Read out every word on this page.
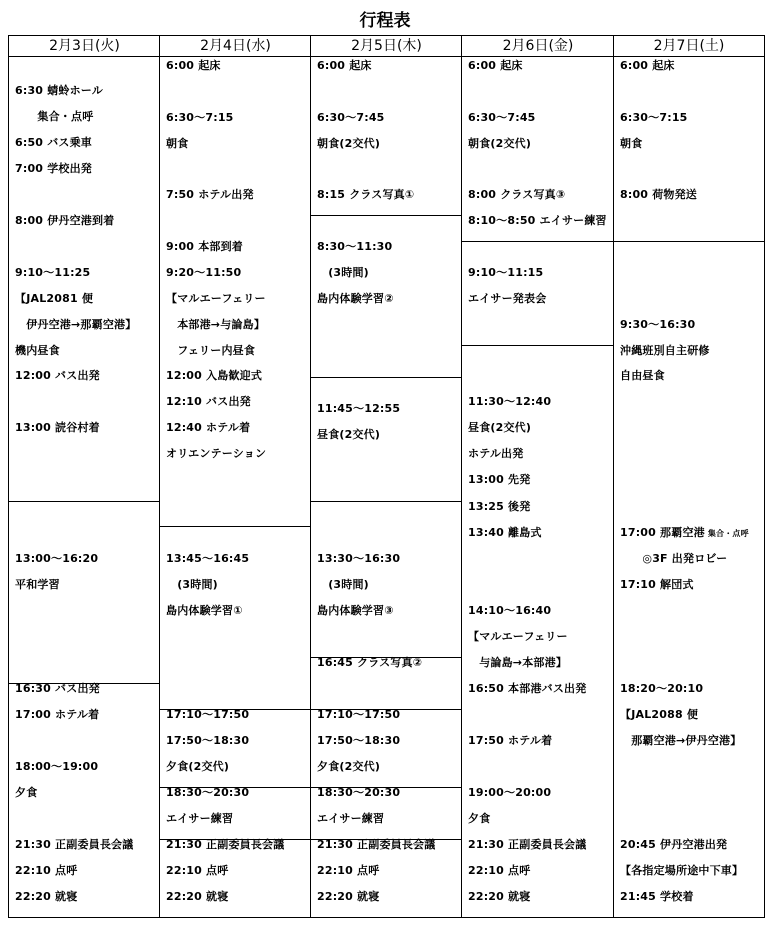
行程表
2月3日(火)
6:30 蜻蛉ホール
　　集合・点呼
6:50 バス乗車
7:00 学校出発
8:00 伊丹空港到着
9:10～11:25
【JAL2081 便
　伊丹空港→那覇空港】
機内昼食
12:00 バス出発
13:00 読谷村着
13:00～16:20
平和学習
16:30 バス出発
17:00 ホテル着
18:00～19:00
夕食
21:30 正副委員長会議
22:10 点呼
22:20 就寝
2月4日(水)
6:00 起床
6:30～7:15
朝食
7:50 ホテル出発
9:00 本部到着
9:20～11:50
【マルエーフェリー
　本部港→与論島】
　フェリー内昼食
12:00 入島歓迎式
12:10 バス出発
12:40 ホテル着
オリエンテーション
13:45～16:45
　(3時間)
島内体験学習①
17:10～17:50
17:50～18:30
夕食(2交代)
18:30～20:30
エイサー練習
21:30 正副委員長会議
22:10 点呼
22:20 就寝
2月5日(木)
6:00 起床
6:30～7:45
朝食(2交代)
8:15 クラス写真①
8:30～11:30
　(3時間)
島内体験学習②
11:45～12:55
昼食(2交代)
13:30～16:30
　(3時間)
島内体験学習③
16:45 クラス写真②
17:10～17:50
17:50～18:30
夕食(2交代)
18:30～20:30
エイサー練習
21:30 正副委員長会議
22:10 点呼
22:20 就寝
2月6日(金)
6:00 起床
6:30～7:45
朝食(2交代)
8:00 クラス写真③
8:10～8:50 エイサー練習
9:10～11:15
エイサー発表会
11:30～12:40
昼食(2交代)
ホテル出発
13:00 先発
13:25 後発
13:40 離島式
14:10～16:40
【マルエーフェリー
　与論島→本部港】
16:50 本部港バス出発
17:50 ホテル着
19:00～20:00
夕食
21:30 正副委員長会議
22:10 点呼
22:20 就寝
2月7日(土)
6:00 起床
6:30～7:15
朝食
8:00 荷物発送
9:30～16:30
沖縄班別自主研修
自由昼食
17:00 那覇空港 集合・点呼
　　◎3F 出発ロビー
17:10 解団式
18:20～20:10
【JAL2088 便
　那覇空港→伊丹空港】
20:45 伊丹空港出発
【各指定場所途中下車】
21:45 学校着
